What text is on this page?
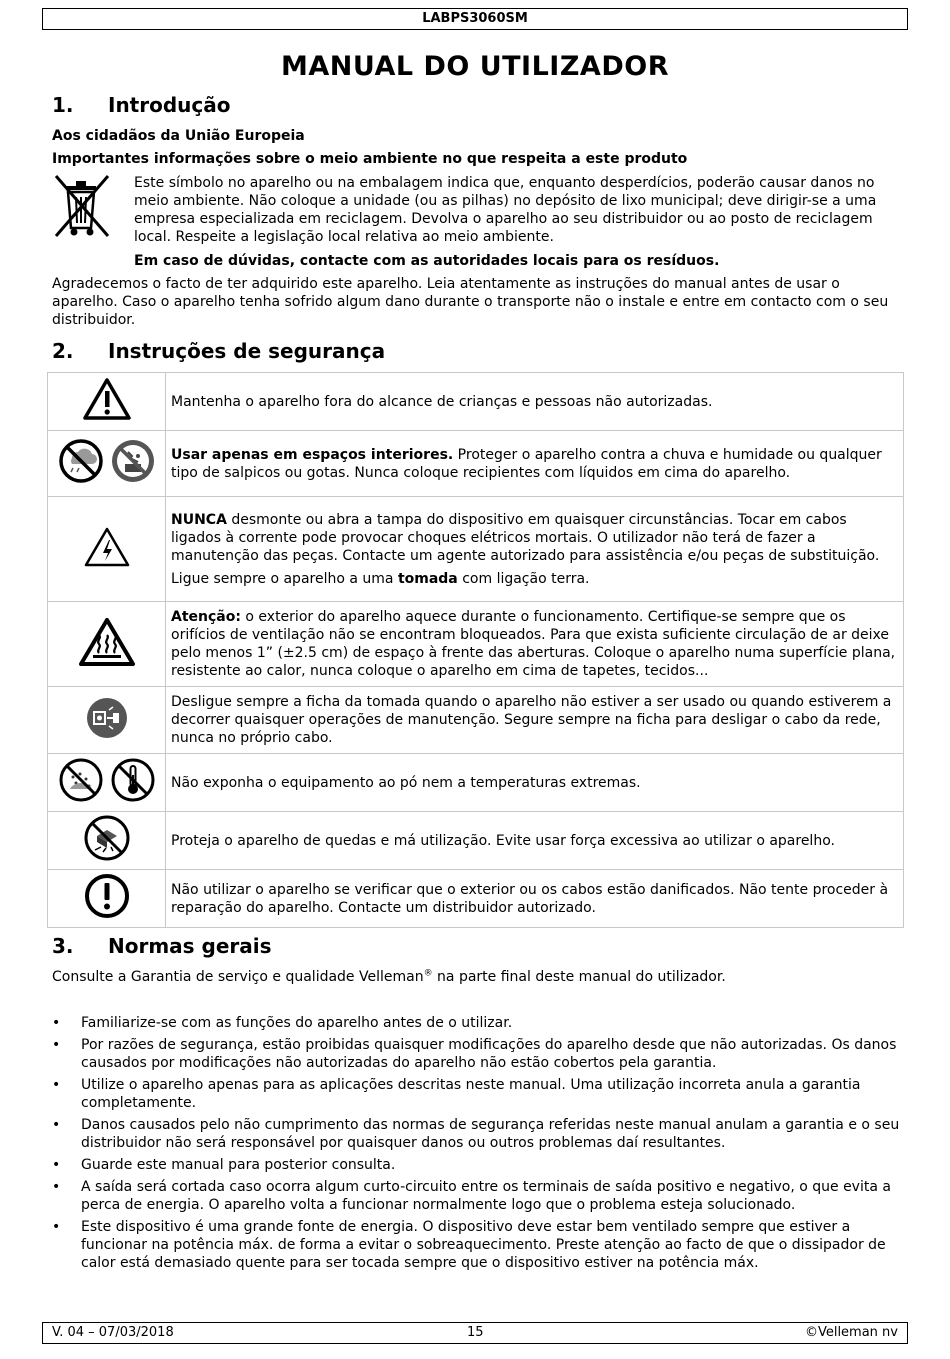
LABPS3060SM
MANUAL DO UTILIZADOR
1. Introdução
Aos cidadãos da União Europeia
Importantes informações sobre o meio ambiente no que respeita a este produto
Este símbolo no aparelho ou na embalagem indica que, enquanto desperdícios, poderão causar danos no meio ambiente. Não coloque a unidade (ou as pilhas) no depósito de lixo municipal; deve dirigir-se a uma empresa especializada em reciclagem. Devolva o aparelho ao seu distribuidor ou ao posto de reciclagem local. Respeite a legislação local relativa ao meio ambiente.
Em caso de dúvidas, contacte com as autoridades locais para os resíduos.
Agradecemos o facto de ter adquirido este aparelho. Leia atentamente as instruções do manual antes de usar o aparelho. Caso o aparelho tenha sofrido algum dano durante o transporte não o instale e entre em contacto com o seu distribuidor.
2. Instruções de segurança
	Mantenha o aparelho fora do alcance de crianças e pessoas não autorizadas.

	Usar apenas em espaços interiores. Proteger o aparelho contra a chuva e humidade ou qualquer tipo de salpicos ou gotas. Nunca coloque recipientes com líquidos em cima do aparelho.

NUNCA desmonte ou abra a tampa do dispositivo em quaisquer circunstâncias. Tocar em cabos ligados à corrente pode provocar choques elétricos mortais. O utilizador não terá de fazer a manutenção das peças. Contacte um agente autorizado para assistência e/ou peças de substituição.

Ligue sempre o aparelho a uma tomada com ligação terra.

	Atenção: o exterior do aparelho aquece durante o funcionamento. Certifique-se sempre que os orifícios de ventilação não se encontram bloqueados. Para que exista suficiente circulação de ar deixe pelo menos 1” (±2.5 cm) de espaço à frente das aberturas. Coloque o aparelho numa superfície plana, resistente ao calor, nunca coloque o aparelho em cima de tapetes, tecidos...
	Desligue sempre a ficha da tomada quando o aparelho não estiver a ser usado ou quando estiverem a decorrer quaisquer operações de manutenção. Segure sempre na ficha para desligar o cabo da rede, nunca no próprio cabo.

	Não exponha o equipamento ao pó nem a temperaturas extremas.
	Proteja o aparelho de quedas e má utilização. Evite usar força excessiva ao utilizar o aparelho.
	Não utilizar o aparelho se verificar que o exterior ou os cabos estão danificados. Não tente proceder à reparação do aparelho. Contacte um distribuidor autorizado.
3. Normas gerais
Consulte a Garantia de serviço e qualidade Velleman® na parte final deste manual do utilizador.
• Familiarize-se com as funções do aparelho antes de o utilizar.
• Por razões de segurança, estão proibidas quaisquer modificações do aparelho desde que não autorizadas. Os danos causados por modificações não autorizadas do aparelho não estão cobertos pela garantia.
• Utilize o aparelho apenas para as aplicações descritas neste manual. Uma utilização incorreta anula a garantia completamente.
• Danos causados pelo não cumprimento das normas de segurança referidas neste manual anulam a garantia e o seu distribuidor não será responsável por quaisquer danos ou outros problemas daí resultantes.
• Guarde este manual para posterior consulta.
• A saída será cortada caso ocorra algum curto-circuito entre os terminais de saída positivo e negativo, o que evita a perca de energia. O aparelho volta a funcionar normalmente logo que o problema esteja solucionado.
• Este dispositivo é uma grande fonte de energia. O dispositivo deve estar bem ventilado sempre que estiver a funcionar na potência máx. de forma a evitar o sobreaquecimento. Preste atenção ao facto de que o dissipador de calor está demasiado quente para ser tocada sempre que o dispositivo estiver na potência máx.
V. 04 – 07/03/2018	15	©Velleman nv
